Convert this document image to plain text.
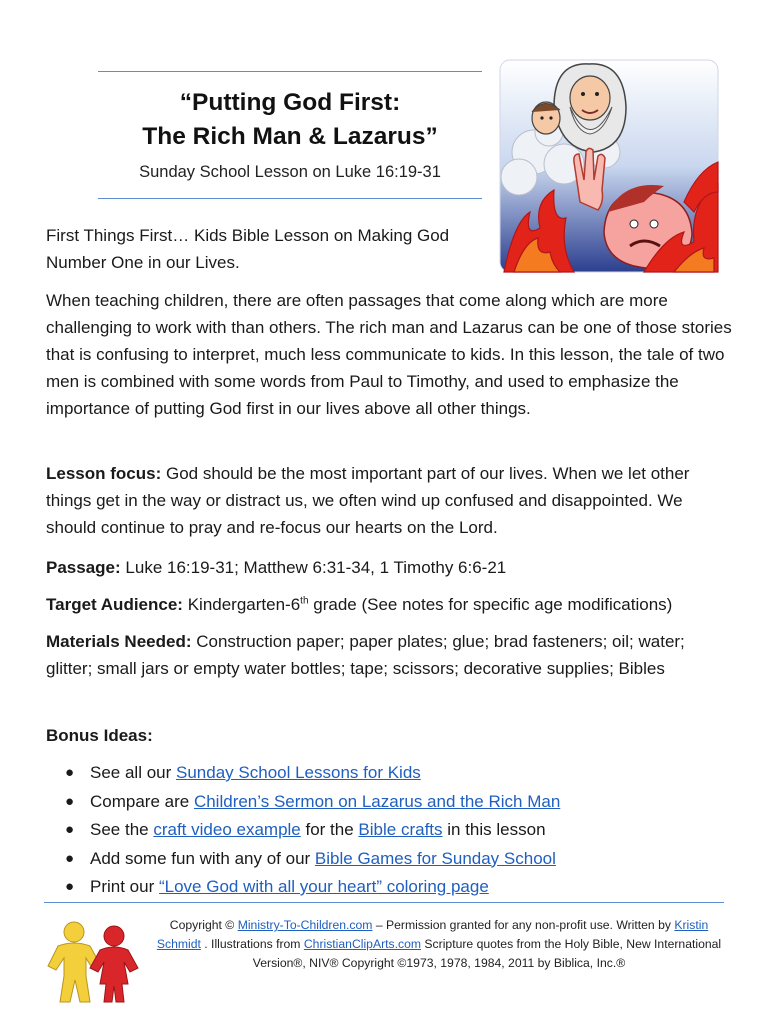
“Putting God First:
The Rich Man & Lazarus”
Sunday School Lesson on Luke 16:19-31
First Things First… Kids Bible Lesson on Making God Number One in our Lives.
When teaching children, there are often passages that come along which are more challenging to work with than others. The rich man and Lazarus can be one of those stories that is confusing to interpret, much less communicate to kids. In this lesson, the tale of two men is combined with some words from Paul to Timothy, and used to emphasize the importance of putting God first in our lives above all other things.
Lesson focus: God should be the most important part of our lives. When we let other things get in the way or distract us, we often wind up confused and disappointed. We should continue to pray and re-focus our hearts on the Lord.
Passage: Luke 16:19-31; Matthew 6:31-34, 1 Timothy 6:6-21
Target Audience: Kindergarten-6th grade (See notes for specific age modifications)
Materials Needed: Construction paper; paper plates; glue; brad fasteners; oil; water; glitter; small jars or empty water bottles; tape; scissors; decorative supplies; Bibles
Bonus Ideas:
● See all our Sunday School Lessons for Kids
● Compare are Children’s Sermon on Lazarus and the Rich Man
● See the craft video example for the Bible crafts in this lesson
● Add some fun with any of our Bible Games for Sunday School
● Print our “Love God with all your heart” coloring page
Copyright © Ministry-To-Children.com – Permission granted for any non-profit use. Written by Kristin Schmidt . Illustrations from ChristianClipArts.com Scripture quotes from the Holy Bible, New International Version®, NIV® Copyright ©1973, 1978, 1984, 2011 by Biblica, Inc.®
